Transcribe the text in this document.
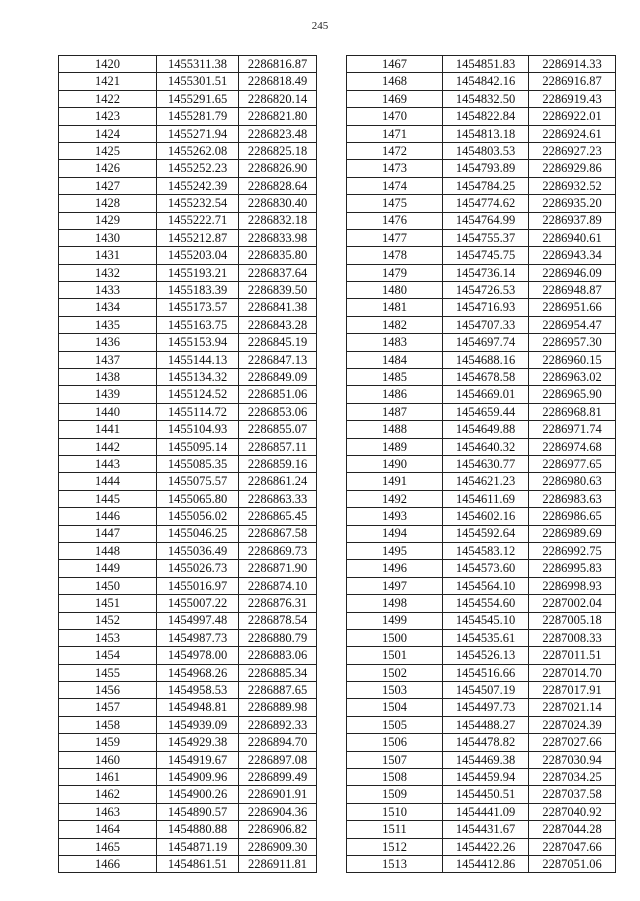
245
1420	1455311.38	2286816.87
1421	1455301.51	2286818.49
1422	1455291.65	2286820.14
1423	1455281.79	2286821.80
1424	1455271.94	2286823.48
1425	1455262.08	2286825.18
1426	1455252.23	2286826.90
1427	1455242.39	2286828.64
1428	1455232.54	2286830.40
1429	1455222.71	2286832.18
1430	1455212.87	2286833.98
1431	1455203.04	2286835.80
1432	1455193.21	2286837.64
1433	1455183.39	2286839.50
1434	1455173.57	2286841.38
1435	1455163.75	2286843.28
1436	1455153.94	2286845.19
1437	1455144.13	2286847.13
1438	1455134.32	2286849.09
1439	1455124.52	2286851.06
1440	1455114.72	2286853.06
1441	1455104.93	2286855.07
1442	1455095.14	2286857.11
1443	1455085.35	2286859.16
1444	1455075.57	2286861.24
1445	1455065.80	2286863.33
1446	1455056.02	2286865.45
1447	1455046.25	2286867.58
1448	1455036.49	2286869.73
1449	1455026.73	2286871.90
1450	1455016.97	2286874.10
1451	1455007.22	2286876.31
1452	1454997.48	2286878.54
1453	1454987.73	2286880.79
1454	1454978.00	2286883.06
1455	1454968.26	2286885.34
1456	1454958.53	2286887.65
1457	1454948.81	2286889.98
1458	1454939.09	2286892.33
1459	1454929.38	2286894.70
1460	1454919.67	2286897.08
1461	1454909.96	2286899.49
1462	1454900.26	2286901.91
1463	1454890.57	2286904.36
1464	1454880.88	2286906.82
1465	1454871.19	2286909.30
1466	1454861.51	2286911.81
1467	1454851.83	2286914.33
1468	1454842.16	2286916.87
1469	1454832.50	2286919.43
1470	1454822.84	2286922.01
1471	1454813.18	2286924.61
1472	1454803.53	2286927.23
1473	1454793.89	2286929.86
1474	1454784.25	2286932.52
1475	1454774.62	2286935.20
1476	1454764.99	2286937.89
1477	1454755.37	2286940.61
1478	1454745.75	2286943.34
1479	1454736.14	2286946.09
1480	1454726.53	2286948.87
1481	1454716.93	2286951.66
1482	1454707.33	2286954.47
1483	1454697.74	2286957.30
1484	1454688.16	2286960.15
1485	1454678.58	2286963.02
1486	1454669.01	2286965.90
1487	1454659.44	2286968.81
1488	1454649.88	2286971.74
1489	1454640.32	2286974.68
1490	1454630.77	2286977.65
1491	1454621.23	2286980.63
1492	1454611.69	2286983.63
1493	1454602.16	2286986.65
1494	1454592.64	2286989.69
1495	1454583.12	2286992.75
1496	1454573.60	2286995.83
1497	1454564.10	2286998.93
1498	1454554.60	2287002.04
1499	1454545.10	2287005.18
1500	1454535.61	2287008.33
1501	1454526.13	2287011.51
1502	1454516.66	2287014.70
1503	1454507.19	2287017.91
1504	1454497.73	2287021.14
1505	1454488.27	2287024.39
1506	1454478.82	2287027.66
1507	1454469.38	2287030.94
1508	1454459.94	2287034.25
1509	1454450.51	2287037.58
1510	1454441.09	2287040.92
1511	1454431.67	2287044.28
1512	1454422.26	2287047.66
1513	1454412.86	2287051.06
